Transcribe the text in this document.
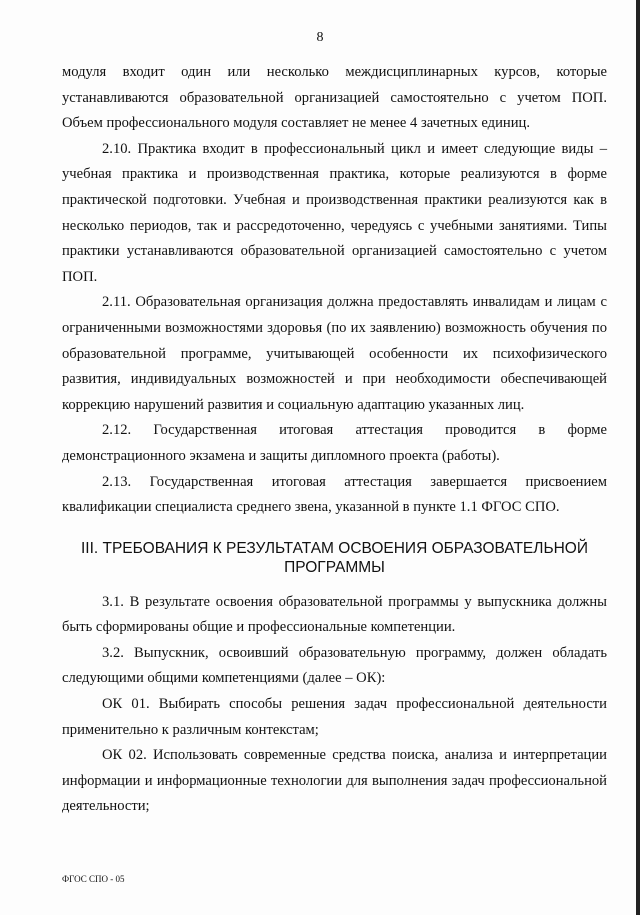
8

модуля входит один или несколько междисциплинарных курсов, которые устанавливаются образовательной организацией самостоятельно с учетом ПОП. Объем профессионального модуля составляет не менее 4 зачетных единиц.

2.10. Практика входит в профессиональный цикл и имеет следующие виды – учебная практика и производственная практика, которые реализуются в форме практической подготовки. Учебная и производственная практики реализуются как в несколько периодов, так и рассредоточенно, чередуясь с учебными занятиями. Типы практики устанавливаются образовательной организацией самостоятельно с учетом ПОП.

2.11. Образовательная организация должна предоставлять инвалидам и лицам с ограниченными возможностями здоровья (по их заявлению) возможность обучения по образовательной программе, учитывающей особенности их психофизического развития, индивидуальных возможностей и при необходимости обеспечивающей коррекцию нарушений развития и социальную адаптацию указанных лиц.

2.12. Государственная итоговая аттестация проводится в форме демонстрационного экзамена и защиты дипломного проекта (работы).

2.13. Государственная итоговая аттестация завершается присвоением квалификации специалиста среднего звена, указанной в пункте 1.1 ФГОС СПО.

III. ТРЕБОВАНИЯ К РЕЗУЛЬТАТАМ ОСВОЕНИЯ ОБРАЗОВАТЕЛЬНОЙ ПРОГРАММЫ

3.1. В результате освоения образовательной программы у выпускника должны быть сформированы общие и профессиональные компетенции.

3.2. Выпускник, освоивший образовательную программу, должен обладать следующими общими компетенциями (далее – ОК):

ОК 01. Выбирать способы решения задач профессиональной деятельности применительно к различным контекстам;

ОК 02. Использовать современные средства поиска, анализа и интерпретации информации и информационные технологии для выполнения задач профессиональной деятельности;

ФГОС СПО - 05
